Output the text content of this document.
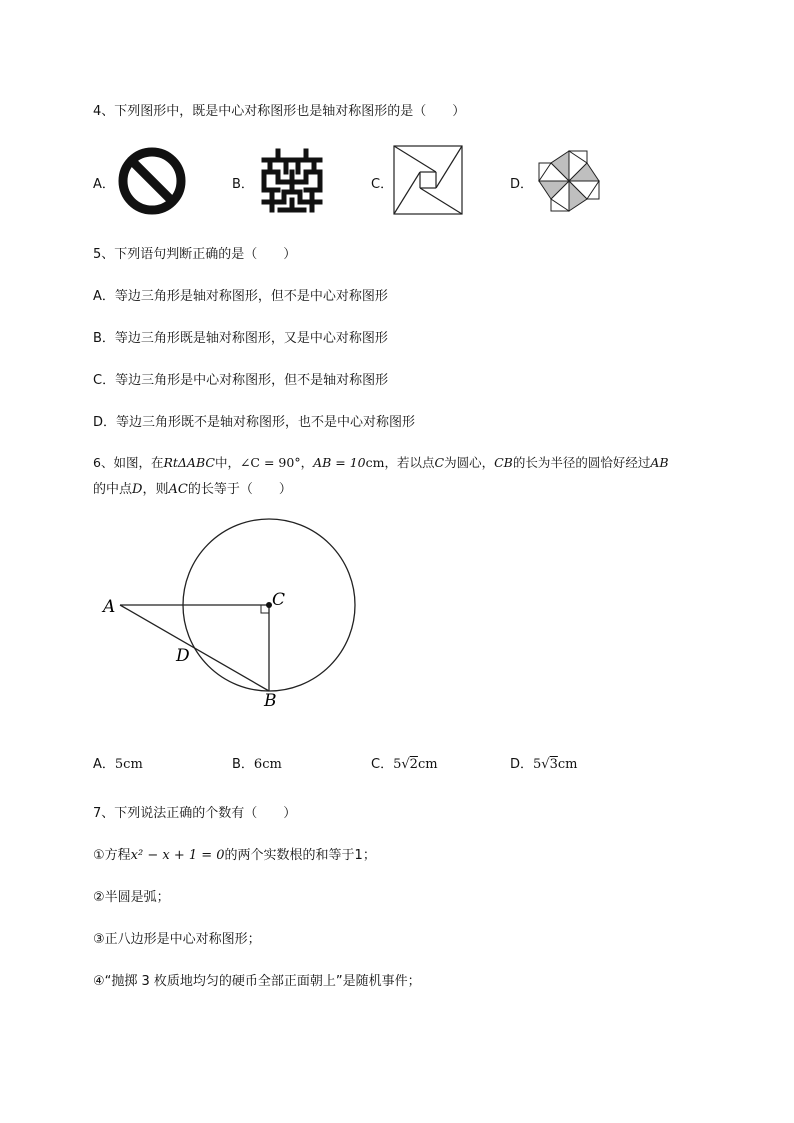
4、下列图形中，既是中心对称图形也是轴对称图形的是（　　）
A．	B．	C．	D．
5、下列语句判断正确的是（　　）
A．等边三角形是轴对称图形，但不是中心对称图形
B．等边三角形既是轴对称图形，又是中心对称图形
C．等边三角形是中心对称图形，但不是轴对称图形
D．等边三角形既不是轴对称图形，也不是中心对称图形
6、如图，在RtΔABC中，∠C = 90°，AB = 10cm，若以点C为圆心，CB的长为半径的圆恰好经过AB
的中点D，则AC的长等于（　　）
A	C
D
B
A．5cm	B．6cm	C．5√2cm	D．5√3cm
7、下列说法正确的个数有（　　）
①方程x² − x + 1 = 0的两个实数根的和等于1；
②半圆是弧；
③正八边形是中心对称图形；
④“抛掷 3 枚质地均匀的硬币全部正面朝上”是随机事件；
